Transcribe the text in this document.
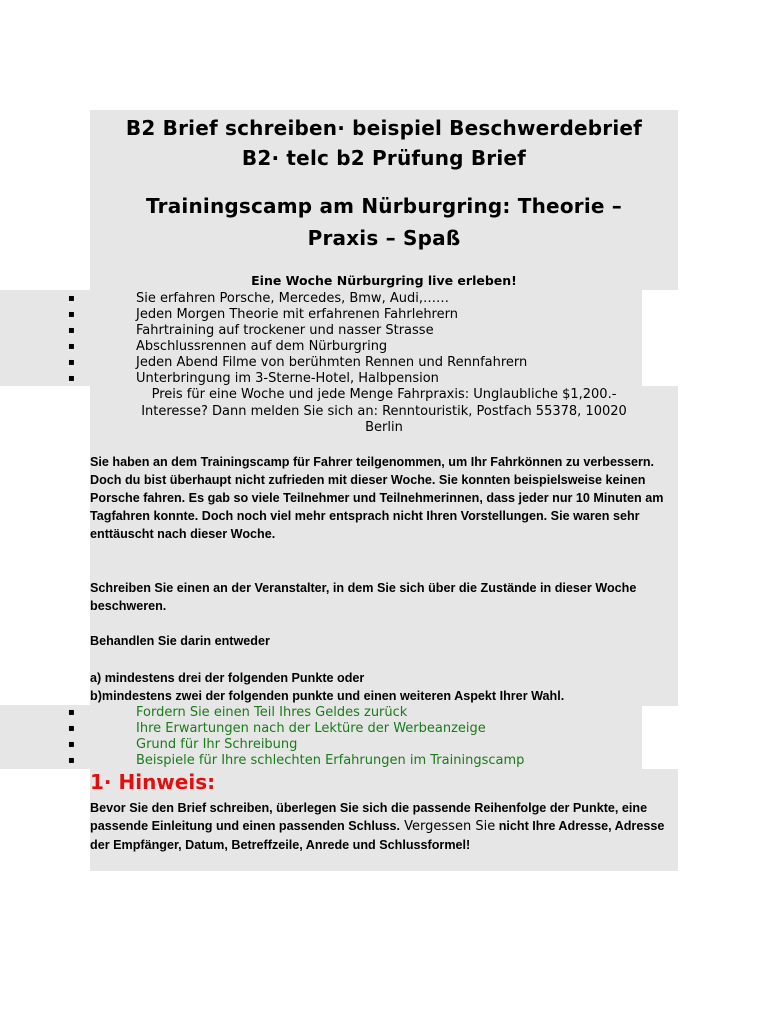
B2 Brief schreiben· beispiel Beschwerdebrief
B2· telc b2 Prüfung Brief
Trainingscamp am Nürburgring: Theorie –
Praxis – Spaß
Eine Woche Nürburgring live erleben!
▪	Sie erfahren Porsche, Mercedes, Bmw, Audi,……
▪	Jeden Morgen Theorie mit erfahrenen Fahrlehrern
▪	Fahrtraining auf trockener und nasser Strasse
▪	Abschlussrennen auf dem Nürburgring
▪	Jeden Abend Filme von berühmten Rennen und Rennfahrern
▪	Unterbringung im 3-Sterne-Hotel, Halbpension
Preis für eine Woche und jede Menge Fahrpraxis: Unglaubliche $1,200.-
Interesse? Dann melden Sie sich an: Renntouristik, Postfach 55378, 10020
Berlin
Sie haben an dem Trainingscamp für Fahrer teilgenommen, um Ihr Fahrkönnen zu verbessern. Doch du bist überhaupt nicht zufrieden mit dieser Woche. Sie konnten beispielsweise keinen Porsche fahren. Es gab so viele Teilnehmer und Teilnehmerinnen, dass jeder nur 10 Minuten am Tagfahren konnte. Doch noch viel mehr entsprach nicht Ihren Vorstellungen. Sie waren sehr enttäuscht nach dieser Woche.
Schreiben Sie einen an der Veranstalter, in dem Sie sich über die Zustände in dieser Woche beschweren.
Behandlen Sie darin entweder
a) mindestens drei der folgenden Punkte oder
b)mindestens zwei der folgenden punkte und einen weiteren Aspekt Ihrer Wahl.
▪	Fordern Sie einen Teil Ihres Geldes zurück
▪	Ihre Erwartungen nach der Lektüre der Werbeanzeige
▪	Grund für Ihr Schreibung
▪	Beispiele für Ihre schlechten Erfahrungen im Trainingscamp
1· Hinweis:
Bevor Sie den Brief schreiben, überlegen Sie sich die passende Reihenfolge der Punkte, eine passende Einleitung und einen passenden Schluss. Vergessen Sie nicht Ihre Adresse, Adresse der Empfänger, Datum, Betreffzeile, Anrede und Schlussformel!
